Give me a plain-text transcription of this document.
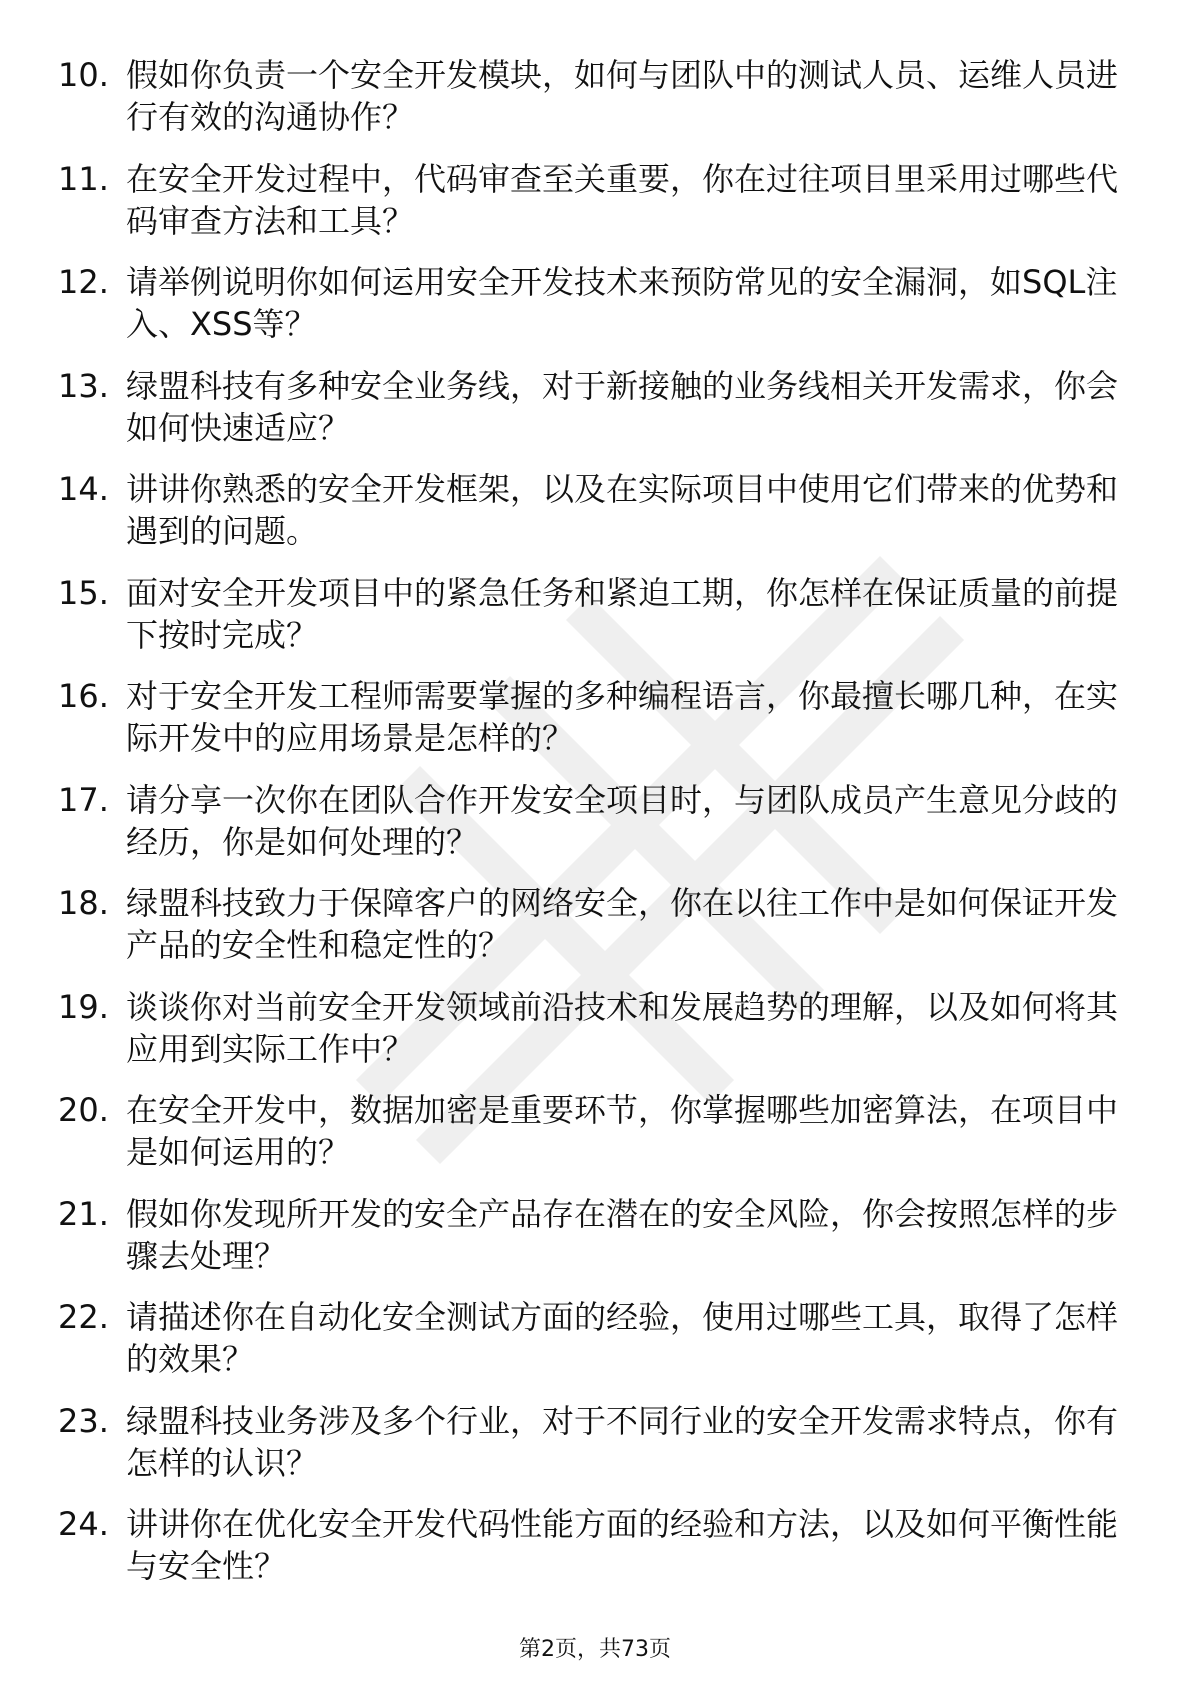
10. 假如你负责一个安全开发模块，如何与团队中的测试人员、运维人员进行有效的沟通协作？
11. 在安全开发过程中，代码审查至关重要，你在过往项目里采用过哪些代码审查方法和工具？
12. 请举例说明你如何运用安全开发技术来预防常见的安全漏洞，如SQL注入、XSS等？
13. 绿盟科技有多种安全业务线，对于新接触的业务线相关开发需求，你会如何快速适应？
14. 讲讲你熟悉的安全开发框架，以及在实际项目中使用它们带来的优势和遇到的问题。
15. 面对安全开发项目中的紧急任务和紧迫工期，你怎样在保证质量的前提下按时完成？
16. 对于安全开发工程师需要掌握的多种编程语言，你最擅长哪几种，在实际开发中的应用场景是怎样的？
17. 请分享一次你在团队合作开发安全项目时，与团队成员产生意见分歧的经历，你是如何处理的？
18. 绿盟科技致力于保障客户的网络安全，你在以往工作中是如何保证开发产品的安全性和稳定性的？
19. 谈谈你对当前安全开发领域前沿技术和发展趋势的理解，以及如何将其应用到实际工作中？
20. 在安全开发中，数据加密是重要环节，你掌握哪些加密算法，在项目中是如何运用的？
21. 假如你发现所开发的安全产品存在潜在的安全风险，你会按照怎样的步骤去处理？
22. 请描述你在自动化安全测试方面的经验，使用过哪些工具，取得了怎样的效果？
23. 绿盟科技业务涉及多个行业，对于不同行业的安全开发需求特点，你有怎样的认识？
24. 讲讲你在优化安全开发代码性能方面的经验和方法，以及如何平衡性能与安全性？
第2页，共73页
